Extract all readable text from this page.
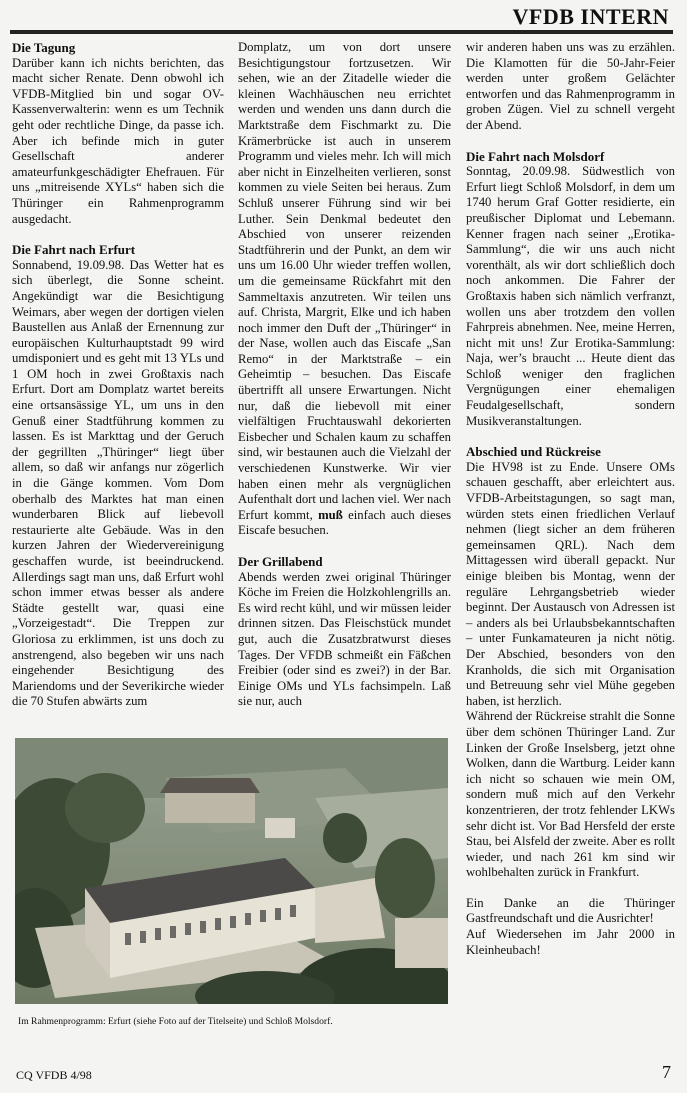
VFDB INTERN
Die Tagung

Darüber kann ich nichts berichten, das macht sicher Renate. Denn obwohl ich VFDB-Mitglied bin und sogar OV-Kassenverwalterin: wenn es um Technik geht oder rechtliche Dinge, da passe ich. Aber ich befinde mich in guter Gesellschaft anderer amateurfunkgeschädigter Ehefrauen. Für uns „mitreisende XYLs“ haben sich die Thüringer ein Rahmenprogramm ausgedacht.

Die Fahrt nach Erfurt

Sonnabend, 19.09.98. Das Wetter hat es sich überlegt, die Sonne scheint. Angekündigt war die Besichtigung Weimars, aber wegen der dortigen vielen Baustellen aus Anlaß der Ernennung zur europäischen Kulturhauptstadt 99 wird umdisponiert und es geht mit 13 YLs und 1 OM hoch in zwei Großtaxis nach Erfurt. Dort am Domplatz wartet bereits eine ortsansässige YL, um uns in den Genuß einer Stadtführung kommen zu lassen. Es ist Markttag und der Geruch der gegrillten „Thüringer“ liegt über allem, so daß wir anfangs nur zögerlich in die Gänge kommen. Vom Dom oberhalb des Marktes hat man einen wunderbaren Blick auf liebevoll restaurierte alte Gebäude. Was in den kurzen Jahren der Wiedervereinigung geschaffen wurde, ist beeindruckend. Allerdings sagt man uns, daß Erfurt wohl schon immer etwas besser als andere Städte gestellt war, quasi eine „Vorzeigestadt“. Die Treppen zur Gloriosa zu erklimmen, ist uns doch zu anstrengend, also begeben wir uns nach eingehender Besichtigung des Mariendoms und der Severikirche wieder die 70 Stufen abwärts zum

Domplatz, um von dort unsere Besichtigungstour fortzusetzen. Wir sehen, wie an der Zitadelle wieder die kleinen Wachhäuschen neu errichtet werden und wenden uns dann durch die Marktstraße dem Fischmarkt zu. Die Krämerbrücke ist auch in unserem Programm und vieles mehr. Ich will mich aber nicht in Einzelheiten verlieren, sonst kommen zu viele Seiten bei heraus. Zum Schluß unserer Führung sind wir bei Luther. Sein Denkmal bedeutet den Abschied von unserer reizenden Stadtführerin und der Punkt, an dem wir uns um 16.00 Uhr wieder treffen wollen, um die gemeinsame Rückfahrt mit den Sammeltaxis anzutreten. Wir teilen uns auf. Christa, Margrit, Elke und ich haben noch immer den Duft der „Thüringer“ in der Nase, wollen auch das Eiscafe „San Remo“ in der Marktstraße – ein Geheimtip – besuchen. Das Eiscafe übertrifft all unsere Erwartungen. Nicht nur, daß die liebevoll mit einer vielfältigen Fruchtauswahl dekorierten Eisbecher und Schalen kaum zu schaffen sind, wir bestaunen auch die Vielzahl der verschiedenen Kunstwerke. Wir vier haben einen mehr als vergnüglichen Aufenthalt dort und lachen viel. Wer nach Erfurt kommt, muß einfach auch dieses Eiscafe besuchen.

Der Grillabend

Abends werden zwei original Thüringer Köche im Freien die Holzkohlengrills an. Es wird recht kühl, und wir müssen leider drinnen sitzen. Das Fleischstück mundet gut, auch die Zusatzbratwurst dieses Tages. Der VFDB schmeißt ein Fäßchen Freibier (oder sind es zwei?) in der Bar. Einige OMs und YLs fachsimpeln. Laß sie nur, auch

wir anderen haben uns was zu erzählen. Die Klamotten für die 50-Jahr-Feier werden unter großem Gelächter entworfen und das Rahmenprogramm in groben Zügen. Viel zu schnell vergeht der Abend.

Die Fahrt nach Molsdorf

Sonntag, 20.09.98. Südwestlich von Erfurt liegt Schloß Molsdorf, in dem um 1740 herum Graf Gotter residierte, ein preußischer Diplomat und Lebemann. Kenner fragen nach seiner „Erotika-Sammlung“, die wir uns auch nicht vorenthält, als wir dort schließlich doch noch ankommen. Die Fahrer der Großtaxis haben sich nämlich verfranzt, wollen uns aber trotzdem den vollen Fahrpreis abnehmen. Nee, meine Herren, nicht mit uns! Zur Erotika-Sammlung: Naja, wer’s braucht ... Heute dient das Schloß weniger den fraglichen Vergnügungen einer ehemaligen Feudalgesellschaft, sondern Musikveranstaltungen.

Abschied und Rückreise

Die HV98 ist zu Ende. Unsere OMs schauen geschafft, aber erleichtert aus. VFDB-Arbeitstagungen, so sagt man, würden stets einen friedlichen Verlauf nehmen (liegt sicher an dem früheren gemeinsamen QRL). Nach dem Mittagessen wird überall gepackt. Nur einige bleiben bis Montag, wenn der reguläre Lehrgangsbetrieb wieder beginnt. Der Austausch von Adressen ist – anders als bei Urlaubsbekanntschaften – unter Funkamateuren ja nicht nötig. Der Abschied, besonders von den Kranholds, die sich mit Organisation und Betreuung sehr viel Mühe gegeben haben, ist herzlich.

Während der Rückreise strahlt die Sonne über dem schönen Thüringer Land. Zur Linken der Große Inselsberg, jetzt ohne Wolken, dann die Wartburg. Leider kann ich nicht so schauen wie mein OM, sondern muß mich auf den Verkehr konzentrieren, der trotz fehlender LKWs sehr dicht ist. Vor Bad Hersfeld der erste Stau, bei Alsfeld der zweite. Aber es rollt wieder, und nach 261 km sind wir wohlbehalten zurück in Frankfurt.

Ein Danke an die Thüringer Gastfreundschaft und die Ausrichter!

Auf Wiedersehen im Jahr 2000 in Kleinheubach!

Im Rahmenprogramm: Erfurt (siehe Foto auf der Titelseite) und Schloß Molsdorf.
CQ VFDB 4/98	7
